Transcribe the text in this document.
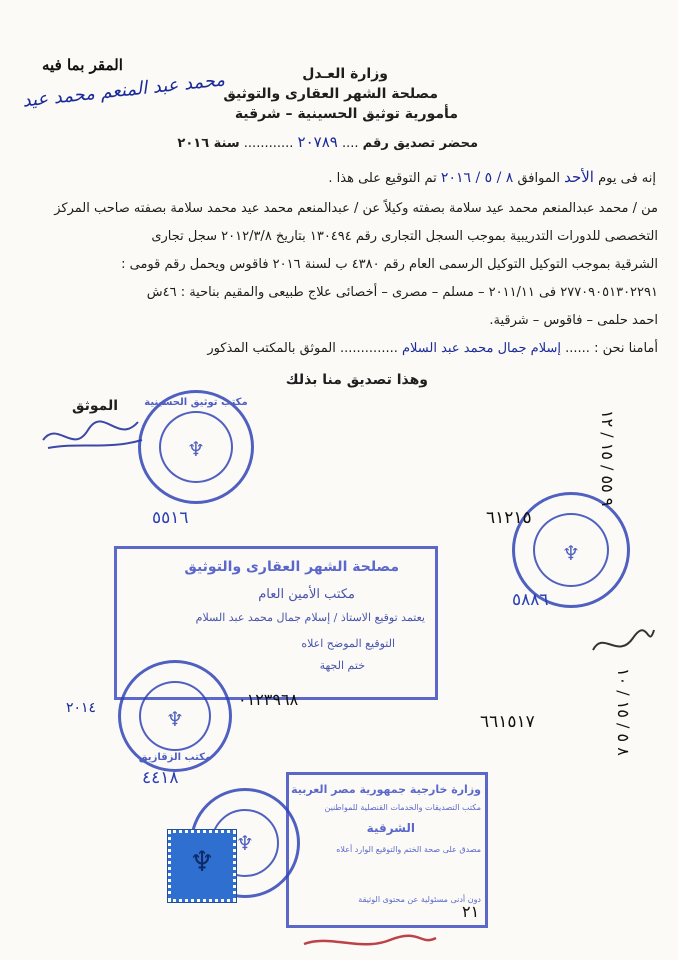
المقر بما فيه
محمد عبد المنعم محمد عيد	وزارة العـدل
مصلحة الشهر العقارى والتوثيق
مأمورية توثيق الحسينية – شرقية
محضر تصديق رقم .... ٢٠٧٨٩ ............ سنة ٢٠١٦
إنه فى يوم الأحد الموافق ٨ / ٥ / ٢٠١٦ تم التوقيع على هذا .
من / محمد عبدالمنعم محمد عيد سلامة بصفته وكيلاً عن / عبدالمنعم محمد عيد محمد سلامة بصفته صاحب المركز
التخصصى للدورات التدريبية بموجب السجل التجارى رقم ١٣٠٤٩٤ بتاريخ ٢٠١٢/٣/٨ سجل تجارى
الشرقية بموجب التوكيل التوكيل الرسمى العام رقم ٤٣٨٠ ب لسنة ٢٠١٦ فاقوس ويحمل رقم قومى :
٢٧٧٠٩٠٥١٣٠٢٢٩١ فى ٢٠١١/١١ – مسلم – مصرى – أخصائى علاج طبيعى والمقيم بناحية : ٤٦ش
احمد حلمى – فاقوس – شرقية.
أمامنا نحن : ...... إسلام جمال محمد عبد السلام .............. الموثق بالمكتب المذكور
وهذا تصديق منا بذلك
الموثق	مكتب توثيق الحسينية
♆
٥٥١٦
♆
٩ ٥٥ / ١٥ / ١٢
٨ ٥ / ١٥ / ١٠
٦١٢١٥
٦٦١٥١٧
٥٨٨٦
مصلحة الشهر العقارى والتوثيق
مكتب الأمين العام
يعتمد توقيع الاستاذ / إسلام جمال محمد عبد السلام
التوقيع الموضح اعلاه
ختم الجهة
٠١٢٣٩٦٨
♆
مكتب الزقازيق
♆
♆
٤٤١٨
وزارة خارجية جمهورية مصر العربية
مكتب التصديقات والخدمات القنصلية للمواطنين
الشرقية
مصدق على صحة الختم والتوقيع الوارد أعلاه
دون أدنى مسئولية عن محتوى الوثيقة
٢١
٢٠١٤
